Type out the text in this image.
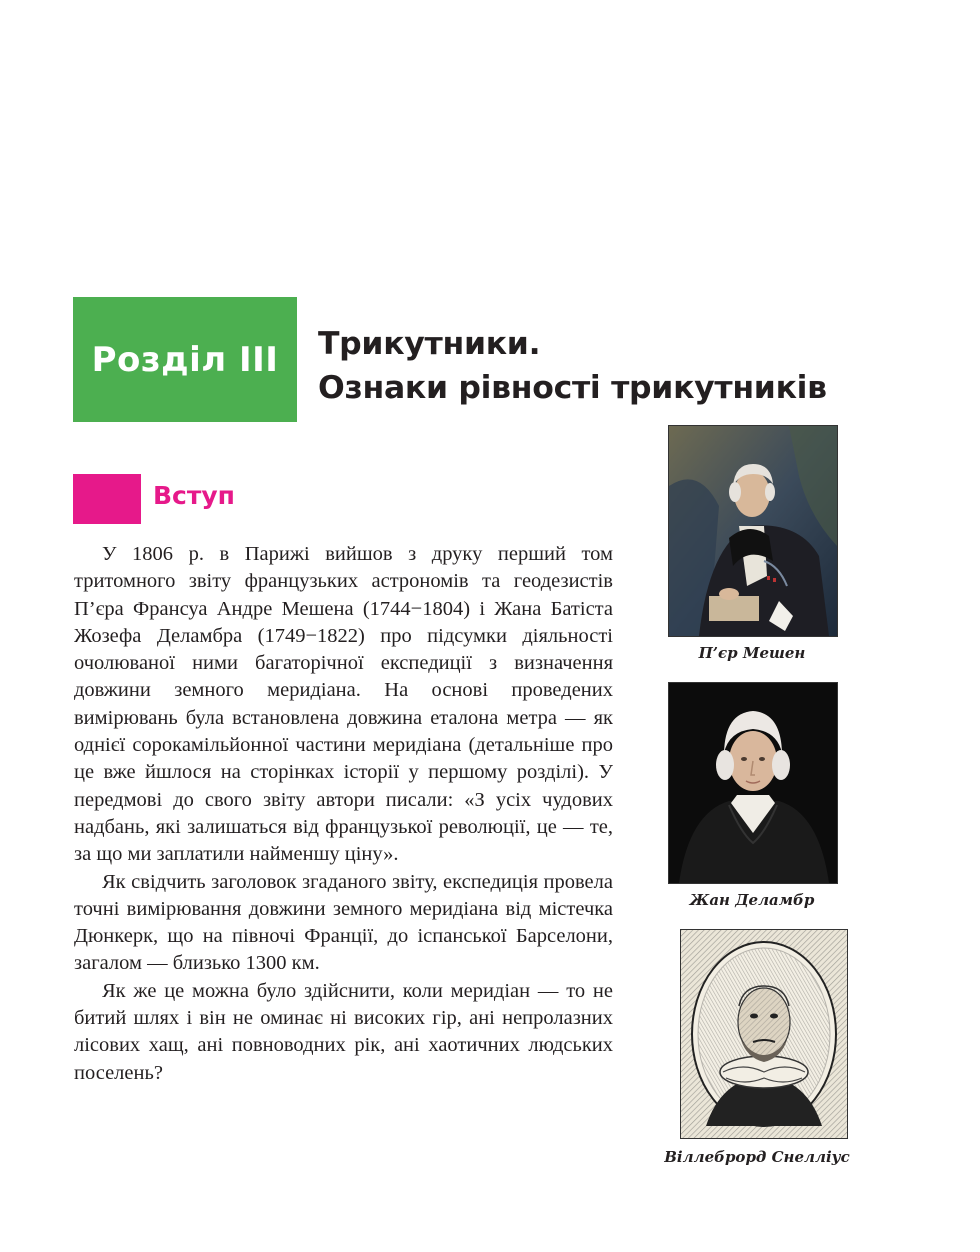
Розділ III Трикутники.
Ознаки рівності трикутників
Вступ

У 1806 р. в Парижі вийшов з друку перший том тритомного звіту французьких астрономів та геодезистів П’єра Франсуа Андре Мешена (1744−1804) і Жана Батіста Жозефа Деламбра (1749−1822) про підсумки діяльності очолюваної ними багаторічної експедиції з визначення довжини земного меридіана. На основі проведених вимірювань була встановлена довжина еталона метра — як однієї сорокамільйонної частини меридіана (детальніше про це вже йшлося на сторінках історії у першому розділі). У передмові до свого звіту автори писали: «З усіх чудових надбань, які залишаться від французької революції, це — те, за що ми заплатили найменшу ціну».

Як свідчить заголовок згаданого звіту, експедиція провела точні вимірювання довжини земного меридіана від містечка Дюнкерк, що на півночі Франції, до іспанської Барселони, загалом — близько 1300 км.

Як же це можна було здійснити, коли меридіан — то не битий шлях і він не оминає ні високих гір, ані непролазних лісових хащ, ані повноводних рік, ані хаотичних людських поселень?

П’єр Мешен
Жан Деламбр
Віллеброрд Снелліус
